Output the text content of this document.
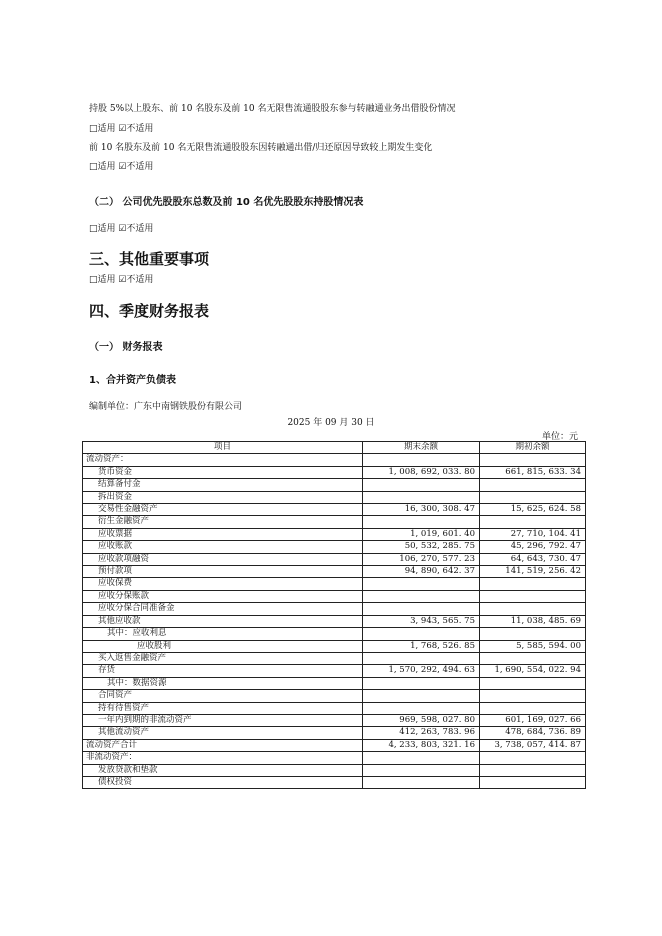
持股 5%以上股东、前 10 名股东及前 10 名无限售流通股股东参与转融通业务出借股份情况
□适用 ☑不适用
前 10 名股东及前 10 名无限售流通股股东因转融通出借/归还原因导致较上期发生变化
□适用 ☑不适用
（二） 公司优先股股东总数及前 10 名优先股股东持股情况表
□适用 ☑不适用
三、其他重要事项
□适用 ☑不适用
四、季度财务报表
（一） 财务报表
1、合并资产负债表
编制单位：广东中南钢铁股份有限公司
2025 年 09 月 30 日
单位：元
项目	期末余额	期初余额
流动资产：		
货币资金	1, 008, 692, 033. 80	661, 815, 633. 34
结算备付金		
拆出资金		
交易性金融资产	16, 300, 308. 47	15, 625, 624. 58
衍生金融资产		
应收票据	1, 019, 601. 40	27, 710, 104. 41
应收账款	50, 532, 285. 75	45, 296, 792. 47
应收款项融资	106, 270, 577. 23	64, 643, 730. 47
预付款项	94, 890, 642. 37	141, 519, 256. 42
应收保费		
应收分保账款		
应收分保合同准备金		
其他应收款	3, 943, 565. 75	11, 038, 485. 69
其中：应收利息		
应收股利	1, 768, 526. 85	5, 585, 594. 00
买入返售金融资产		
存货	1, 570, 292, 494. 63	1, 690, 554, 022. 94
其中：数据资源		
合同资产		
持有待售资产		
一年内到期的非流动资产	969, 598, 027. 80	601, 169, 027. 66
其他流动资产	412, 263, 783. 96	478, 684, 736. 89
流动资产合计	4, 233, 803, 321. 16	3, 738, 057, 414. 87
非流动资产：		
发放贷款和垫款		
债权投资		
